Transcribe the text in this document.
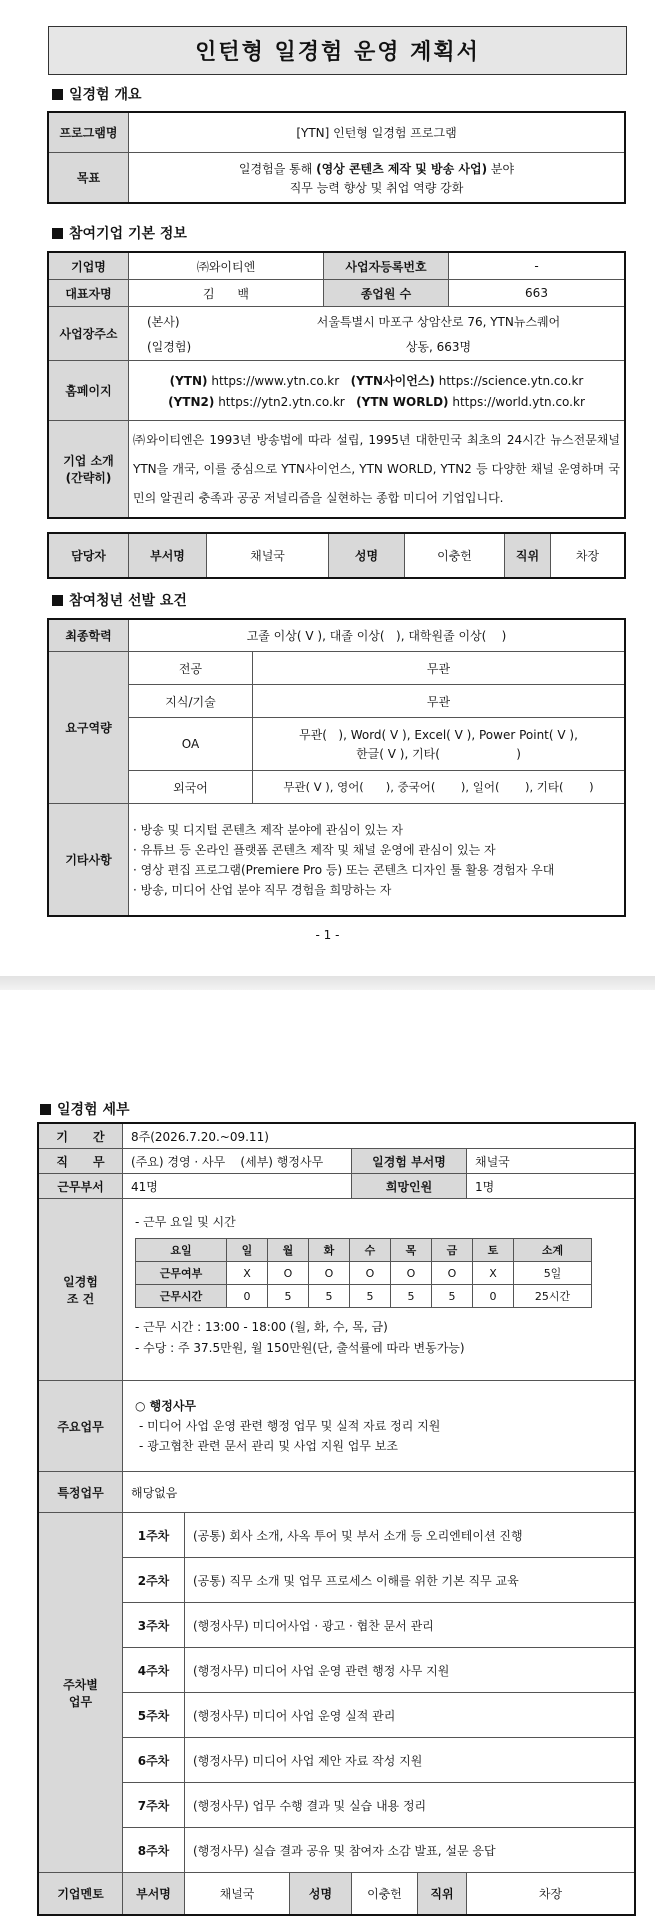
인턴형 일경험 운영 계획서
일경험 개요
프로그램명	[YTN] 인턴형 일경험 프로그램
목표	일경험을 통해 (영상 콘텐츠 제작 및 방송 사업) 분야
직무 능력 향상 및 취업 역량 강화
참여기업 기본 정보
기업명	㈜와이티엔	사업자등록번호	-
대표자명	김      백	종업원 수	663
사업장주소	(본사) 서울특별시 마포구 상암산로 76, YTN뉴스퀘어
(일경험) 상동, 663명		

홈페이지	(YTN) https://www.ytn.co.kr (YTN사이언스) https://science.ytn.co.kr
(YTN2) https://ytn2.ytn.co.kr (YTN WORLD) https://world.ytn.co.kr		

기업 소개
(간략히)	㈜와이티엔은 1993년 방송법에 따라 설립, 1995년 대한민국 최초의 24시간 뉴스전문채널 YTN을 개국, 이를 중심으로 YTN사이언스, YTN WORLD, YTN2 등 다양한 채널 운영하며 국민의 알권리 충족과 공공 저널리즘을 실현하는 종합 미디어 기업입니다.		
담당자	부서명	채널국	성명	이충헌	직위	차장
참여청년 선발 요건
최종학력	고졸 이상( V ), 대졸 이상(   ), 대학원졸 이상(    )	
요구역량	전공	무관
	지식/기술	무관
	OA	무관(   ), Word( V ), Excel( V ), Power Point( V ),
한글( V ), 기타(                    )

	외국어	무관( V ), 영어(      ), 중국어(       ), 일어(       ), 기타(       )
기타사항	· 방송 및 디지털 콘텐츠 제작 분야에 관심이 있는 자
· 유튜브 등 온라인 플랫폼 콘텐츠 제작 및 채널 운영에 관심이 있는 자
· 영상 편집 프로그램(Premiere Pro 등) 또는 콘텐츠 디자인 툴 활용 경험자 우대
· 방송, 미디어 산업 분야 직무 경험을 희망하는 자	
- 1 -
일경험 세부
기      간	8주(2026.7.20.~09.11)
직      무	(주요) 경영 · 사무    (세부) 행정사무	일경험 부서명	채널국
근무부서	41명	희망인원	1명

일경험
조 건

- 근무 요일 및 시간
요일	일	월	화	수	목	금	토	소계
근무여부	X	O	O	O	O	O	X	5일
근무시간	0	5	5	5	5	5	0	25시간
- 근무 시간 : 13:00 - 18:00 (월, 화, 수, 목, 금)
- 수당 : 주 37.5만원, 월 150만원(단, 출석률에 따라 변동가능)

주요업무	
○ 행정사무
- 미디어 사업 운영 관련 행정 업무 및 실적 자료 정리 지원
- 광고협찬 관련 문서 관리 및 사업 지원 업무 보조

특정업무	해당없음

주차별
업무
	1주차	(공통) 회사 소개, 사옥 투어 및 부서 소개 등 오리엔테이션 진행
2주차	(공통) 직무 소개 및 업무 프로세스 이해를 위한 기본 직무 교육
3주차	(행정사무) 미디어사업 · 광고 · 협찬 문서 관리
4주차	(행정사무) 미디어 사업 운영 관련 행정 사무 지원
5주차	(행정사무) 미디어 사업 운영 실적 관리
6주차	(행정사무) 미디어 사업 제안 자료 작성 지원
7주차	(행정사무) 업무 수행 결과 및 실습 내용 정리
8주차	(행정사무) 실습 결과 공유 및 참여자 소감 발표, 설문 응답
기업멘토	부서명	채널국	성명	이충헌	직위	차장
